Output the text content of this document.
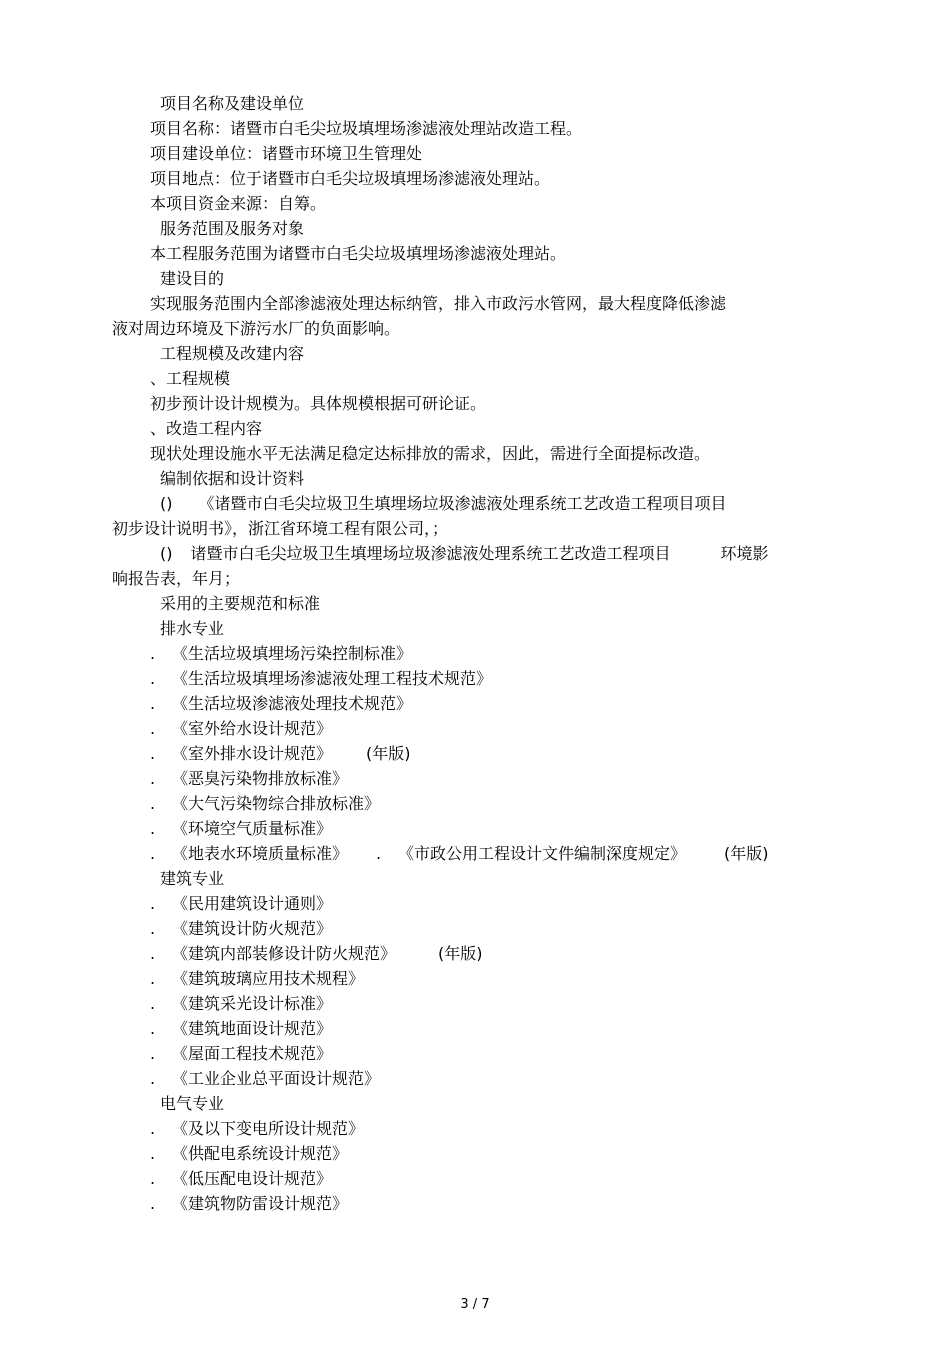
项目名称及建设单位
项目名称：诸暨市白毛尖垃圾填埋场渗滤液处理站改造工程。
项目建设单位：诸暨市环境卫生管理处
项目地点：位于诸暨市白毛尖垃圾填埋场渗滤液处理站。
本项目资金来源：自筹。
服务范围及服务对象
本工程服务范围为诸暨市白毛尖垃圾填埋场渗滤液处理站。
建设目的
实现服务范围内全部渗滤液处理达标纳管，排入市政污水管网，最大程度降低渗滤
液对周边环境及下游污水厂的负面影响。
工程规模及改建内容
、工程规模
初步预计设计规模为。具体规模根据可研论证。
、改造工程内容
现状处理设施水平无法满足稳定达标排放的需求，因此，需进行全面提标改造。
编制依据和设计资料
() 《诸暨市白毛尖垃圾卫生填埋场垃圾渗滤液处理系统工艺改造工程项目项目
初步设计说明书》，浙江省环境工程有限公司，；
() 诸暨市白毛尖垃圾卫生填埋场垃圾渗滤液处理系统工艺改造工程项目	环境影
响报告表，年月；
采用的主要规范和标准
排水专业
. 《生活垃圾填埋场污染控制标准》
. 《生活垃圾填埋场渗滤液处理工程技术规范》
. 《生活垃圾渗滤液处理技术规范》
. 《室外给水设计规范》
. 《室外排水设计规范》 (年版)
. 《恶臭污染物排放标准》
. 《大气污染物综合排放标准》
. 《环境空气质量标准》
. 《地表水环境质量标准》 . 《市政公用工程设计文件编制深度规定》 (年版)
建筑专业
. 《民用建筑设计通则》
. 《建筑设计防火规范》
. 《建筑内部装修设计防火规范》	(年版)
. 《建筑玻璃应用技术规程》
. 《建筑采光设计标准》
. 《建筑地面设计规范》
. 《屋面工程技术规范》
. 《工业企业总平面设计规范》
电气专业
. 《及以下变电所设计规范》
. 《供配电系统设计规范》
. 《低压配电设计规范》
. 《建筑物防雷设计规范》
3 / 7
